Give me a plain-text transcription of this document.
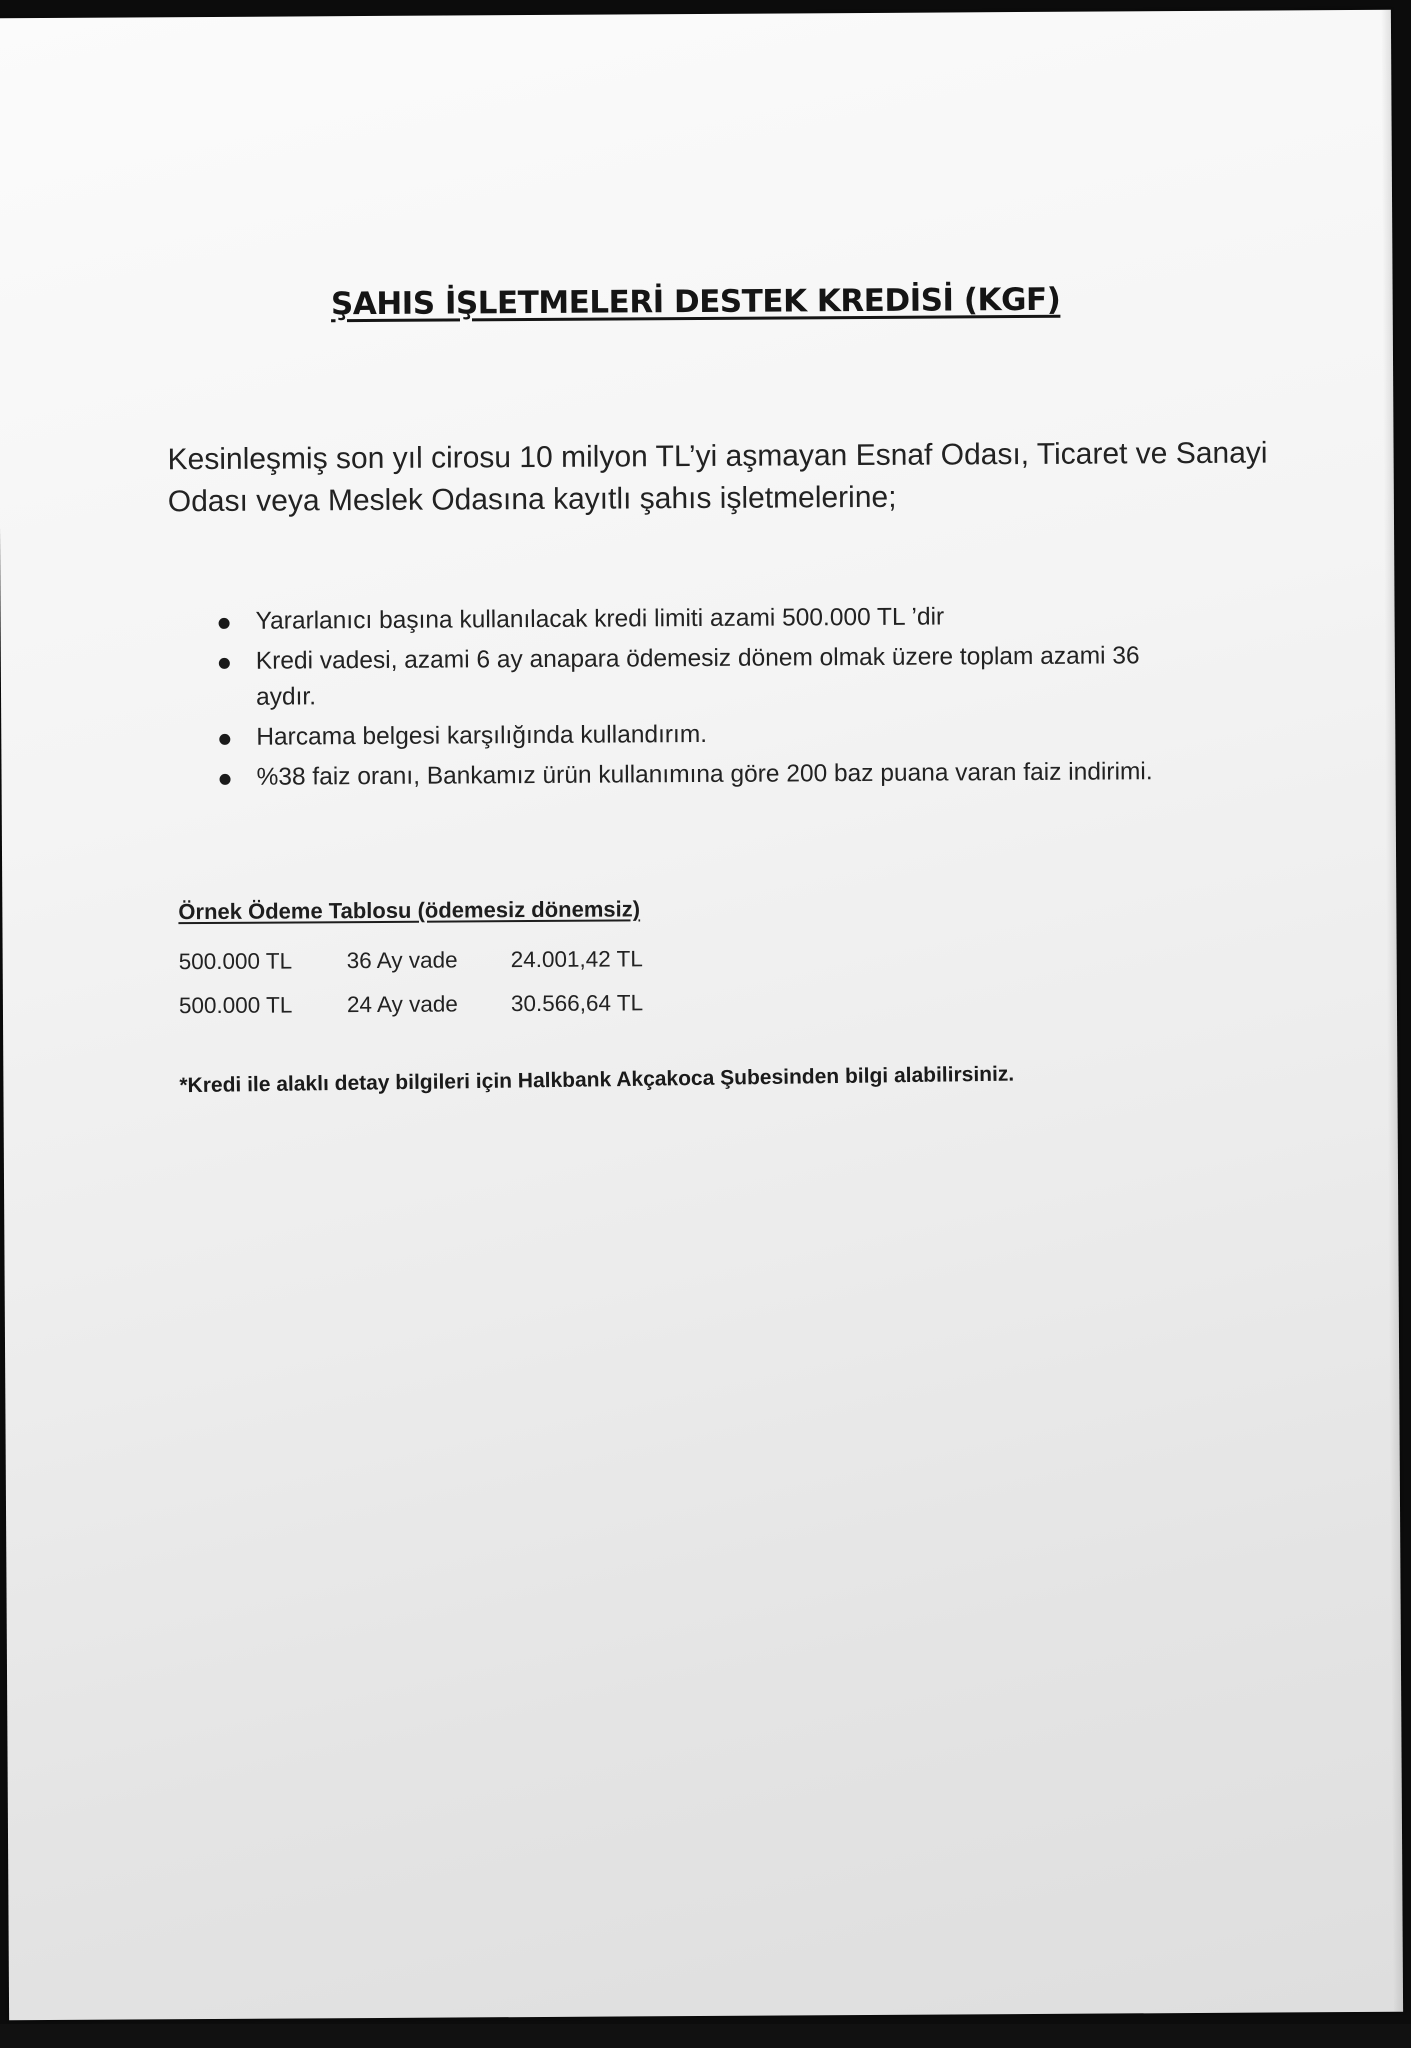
ŞAHIS İŞLETMELERİ DESTEK KREDİSİ (KGF)

Kesinleşmiş son yıl cirosu 10 milyon TL’yi aşmayan Esnaf Odası, Ticaret ve Sanayi Odası veya Meslek Odasına kayıtlı şahıs işletmelerine;

Yararlanıcı başına kullanılacak kredi limiti azami 500.000 TL ’dir
Kredi vadesi, azami 6 ay anapara ödemesiz dönem olmak üzere toplam azami 36 aydır.
Harcama belgesi karşılığında kullandırım.
%38 faiz oranı, Bankamız ürün kullanımına göre 200 baz puana varan faiz indirimi.
Örnek Ödeme Tablosu (ödemesiz dönemsiz)
500.000 TL	36 Ay vade	24.001,42 TL
500.000 TL	24 Ay vade	30.566,64 TL
*Kredi ile alaklı detay bilgileri için Halkbank Akçakoca Şubesinden bilgi alabilirsiniz.
